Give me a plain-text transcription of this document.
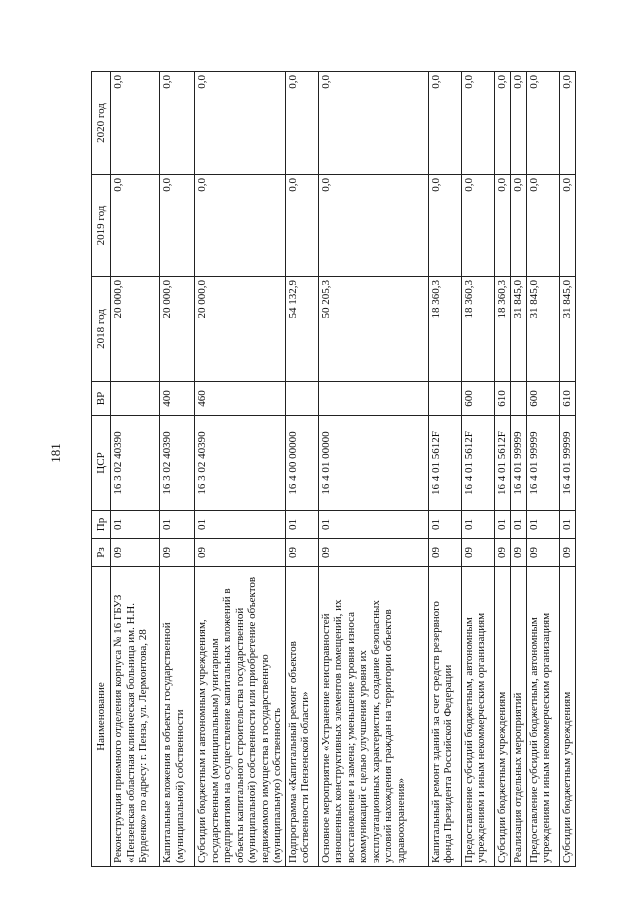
181
Наименование	Рз	Пр	ЦСР	ВР	2018 год	2019 год	2020 год
Реконструкция приемного отделения корпуса № 16 ГБУЗ «Пензенская областная клиническая больница им. Н.Н. Бурденко» по адресу: г. Пенза, ул. Лермонтова, 28	09	01	16 3 02 40390		20 000,0	0,0	0,0
Капитальные вложения в объекты государственной (муниципальной) собственности	09	01	16 3 02 40390	400	20 000,0	0,0	0,0
Субсидии бюджетным и автономным учреждениям, государственным (муниципальным) унитарным предприятиям на осуществление капитальных вложений в объекты капитального строительства государственной (муниципальной) собственности или приобретение объектов недвижимого имущества в государственную (муниципальную) собственность	09	01	16 3 02 40390	460	20 000,0	0,0	0,0
Подпрограмма «Капитальный ремонт объектов собственности Пензенской области»	09	01	16 4 00 00000		54 132,9	0,0	0,0
Основное мероприятие «Устранение неисправностей изношенных конструктивных элементов помещений, их восстановление и замена; уменьшение уровня износа коммуникаций с целью улучшения уровня их эксплуатационных характеристик, создание безопасных условий нахождения граждан на территории объектов здравоохранения»	09	01	16 4 01 00000		50 205,3	0,0	0,0
Капитальный ремонт зданий за счет средств резервного фонда Президента Российской Федерации	09	01	16 4 01 5612F		18 360,3	0,0	0,0
Предоставление субсидий бюджетным, автономным учреждениям и иным некоммерческим организациям	09	01	16 4 01 5612F	600	18 360,3	0,0	0,0
Субсидии бюджетным учреждениям	09	01	16 4 01 5612F	610	18 360,3	0,0	0,0
Реализация отдельных мероприятий	09	01	16 4 01 99999		31 845,0	0,0	0,0
Предоставление субсидий бюджетным, автономным учреждениям и иным некоммерческим организациям	09	01	16 4 01 99999	600	31 845,0	0,0	0,0
Субсидии бюджетным учреждениям	09	01	16 4 01 99999	610	31 845,0	0,0	0,0
